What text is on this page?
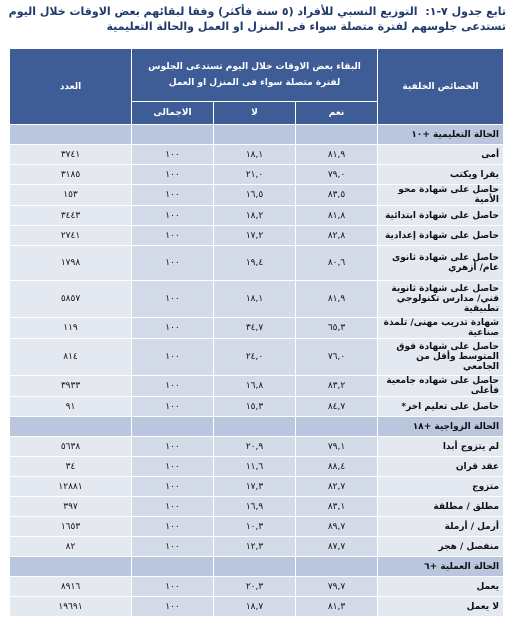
تابع جدول ٧-١: التوزيع النسبي للأفراد (٥ سنة فأكثر) وفقا لبقائهم بعض الاوقات خلال اليوم تستدعى جلوسهم لفترة متصلة سواء فى المنزل او العمل والحالة التعليمية
الخصائص الخلفية	البقاء بعض الاوقات خلال اليوم تستدعى الجلوس لفترة متصلة سواء فى المنزل او العمل			العدد
	نعم	لا	الاجمالى	
الحالة التعليمية +١٠				
أمى	٨١,٩	١٨,١	١٠٠	٣٧٤١
يقرا ويكتب	٧٩,٠	٢١,٠	١٠٠	٣١٨٥
حاصل على شهادة محو الأمية	٨٣,٥	١٦,٥	١٠٠	١٥٣
حاصل على شهادة ابتدائية	٨١,٨	١٨,٢	١٠٠	٣٤٤٣
حاصل على شهادة إعدادية	٨٢,٨	١٧,٢	١٠٠	٢٧٤١
حاصل على شهادة ثانوى عام/ أزهري	٨٠,٦	١٩,٤	١٠٠	١٧٩٨
حاصل على شهادة ثانوية فني/ مدارس تكنولوجي تطبيقية	٨١,٩	١٨,١	١٠٠	٥٨٥٧
شهادة تدريب مهنى/ تلمذة صناعية	٦٥,٣	٣٤,٧	١٠٠	١١٩
حاصل على شهادة فوق المتوسط وأقل من الجامعي	٧٦,٠	٢٤,٠	١٠٠	٨١٤
حاصل على شهاده جامعية فأعلى	٨٣,٢	١٦,٨	١٠٠	٣٩٣٣
حاصل على تعليم اخر*	٨٤,٧	١٥,٣	١٠٠	٩١
الحالة الزواجية +١٨				
لم يتزوج أبدا	٧٩,١	٢٠,٩	١٠٠	٥٦٣٨
عقد قران	٨٨,٤	١١,٦	١٠٠	٣٤
متزوج	٨٢,٧	١٧,٣	١٠٠	١٢٨٨١
مطلق / مطلقة	٨٣,١	١٦,٩	١٠٠	٣٩٧
أرمل / أرملة	٨٩,٧	١٠,٣	١٠٠	١٦٥٣
منفصل / هجر	٨٧,٧	١٢,٣	١٠٠	٨٢
الحالة العملية +٦				
يعمل	٧٩,٧	٢٠,٣	١٠٠	٨٩١٦
لا يعمل	٨١,٣	١٨,٧	١٠٠	١٩٦٩١
